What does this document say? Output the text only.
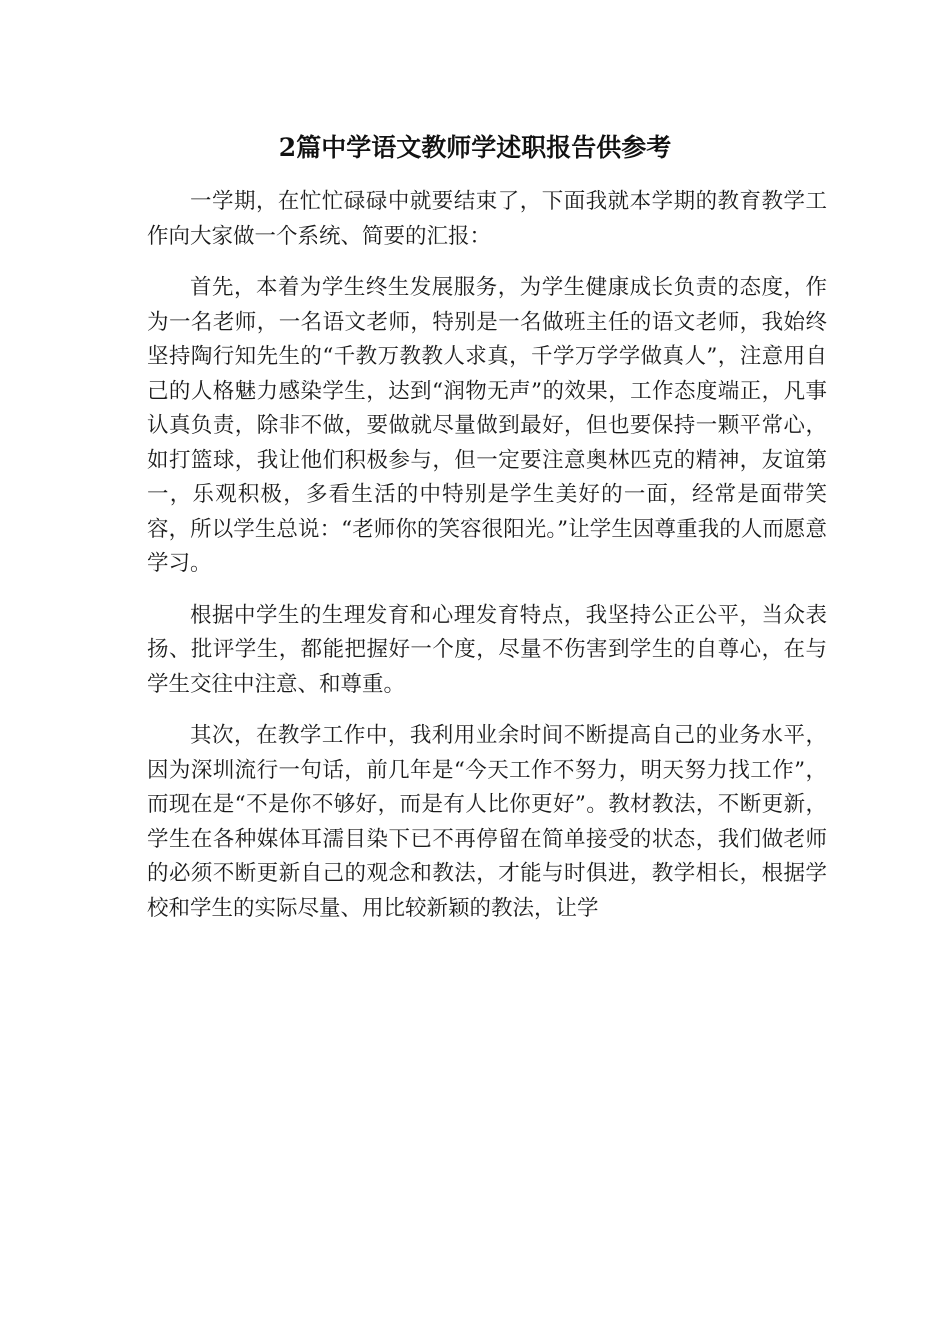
2篇中学语文教师学述职报告供参考

一学期，在忙忙碌碌中就要结束了，下面我就本学期的教育教学工作向大家做一个系统、简要的汇报：

首先，本着为学生终生发展服务，为学生健康成长负责的态度，作为一名老师，一名语文老师，特别是一名做班主任的语文老师，我始终坚持陶行知先生的“千教万教教人求真，千学万学学做真人”，注意用自己的人格魅力感染学生，达到“润物无声”的效果，工作态度端正，凡事认真负责，除非不做，要做就尽量做到最好，但也要保持一颗平常心，如打篮球，我让他们积极参与，但一定要注意奥林匹克的精神，友谊第一，乐观积极，多看生活的中特别是学生美好的一面，经常是面带笑容，所以学生总说：“老师你的笑容很阳光。”让学生因尊重我的人而愿意学习。

根据中学生的生理发育和心理发育特点，我坚持公正公平，当众表扬、批评学生，都能把握好一个度，尽量不伤害到学生的自尊心，在与学生交往中注意、和尊重。

其次，在教学工作中，我利用业余时间不断提高自己的业务水平，因为深圳流行一句话，前几年是“今天工作不努力，明天努力找工作”，而现在是“不是你不够好，而是有人比你更好”。教材教法，不断更新，学生在各种媒体耳濡目染下已不再停留在简单接受的状态，我们做老师的必须不断更新自己的观念和教法，才能与时俱进，教学相长，根据学校和学生的实际尽量、用比较新颖的教法，让学
